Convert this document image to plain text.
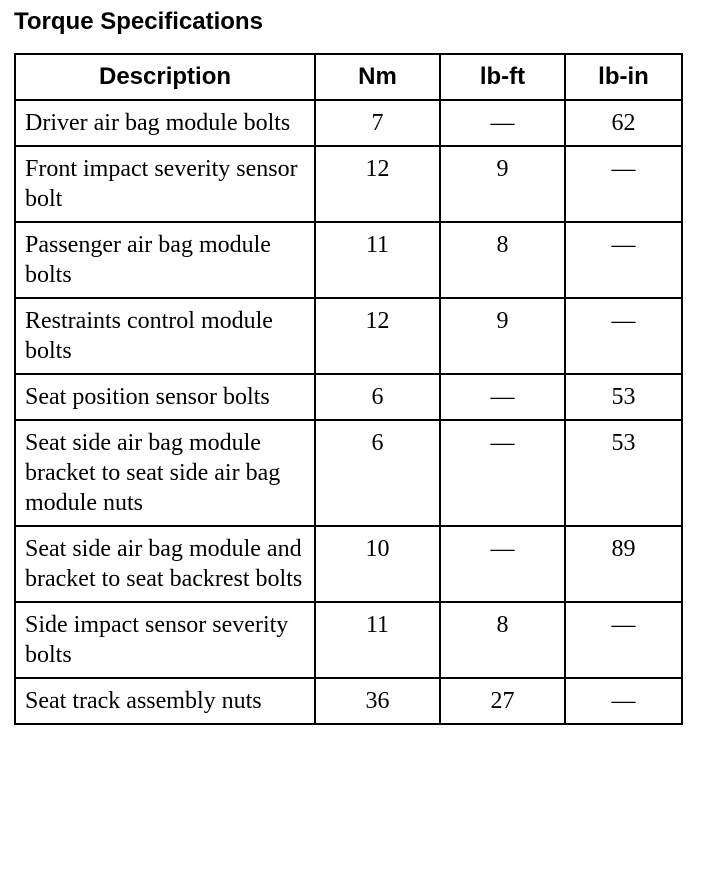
Torque Specifications
Description	Nm	lb-ft	lb-in
Driver air bag module bolts	7	—	62
Front impact severity sensor bolt	12	9	—
Passenger air bag module bolts	11	8	—
Restraints control module bolts	12	9	—
Seat position sensor bolts	6	—	53
Seat side air bag module bracket to seat side air bag module nuts	6	—	53
Seat side air bag module and bracket to seat backrest bolts	10	—	89
Side impact sensor severity bolts	11	8	—
Seat track assembly nuts	36	27	—
